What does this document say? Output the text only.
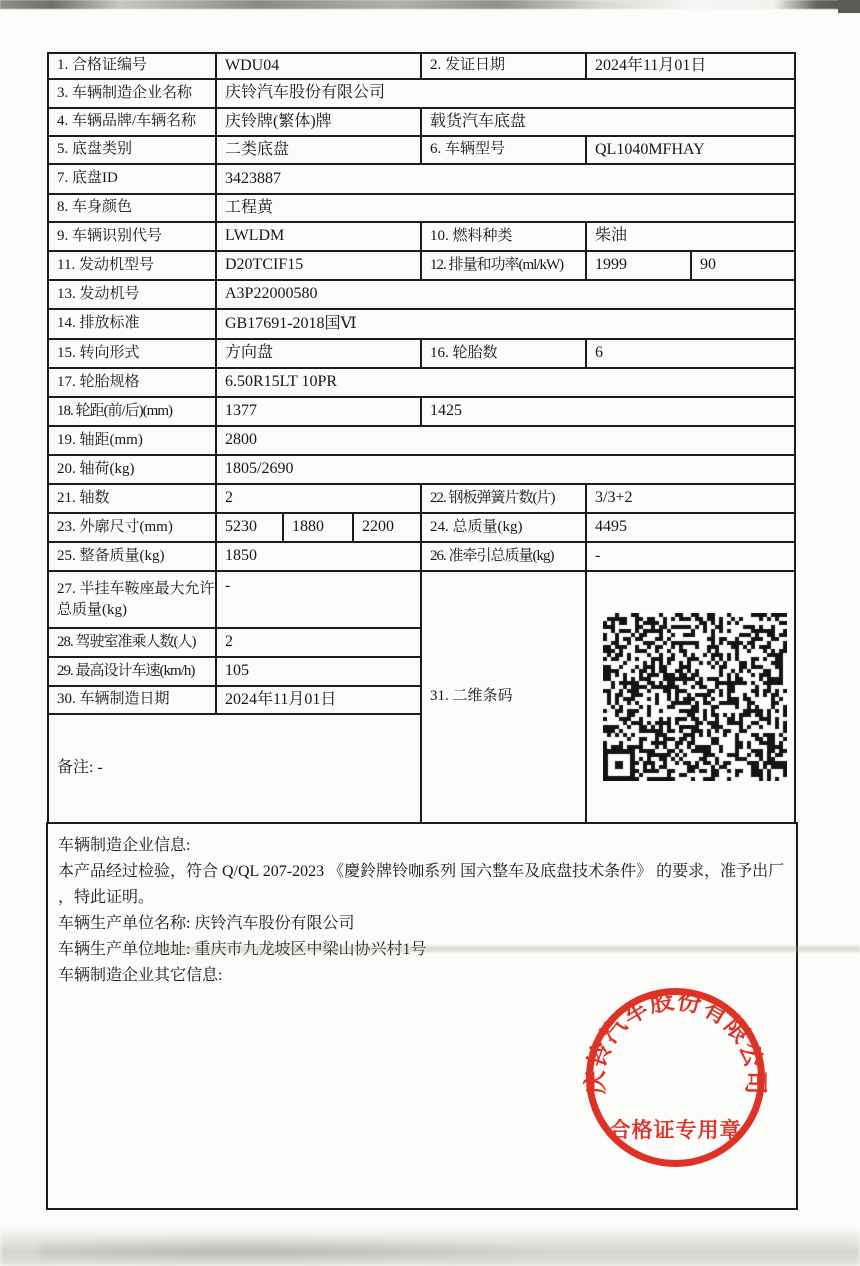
1. 合格证编号	WDU04			2. 发证日期	2024年11月01日	
3. 车辆制造企业名称	庆铃汽车股份有限公司					
4. 车辆品牌/车辆名称	庆铃牌(繁体)牌			载货汽车底盘		
5. 底盘类别	二类底盘			6. 车辆型号	QL1040MFHAY	
7. 底盘ID	3423887					
8. 车身颜色	工程黄					
9. 车辆识别代号	LWLDM			10. 燃料种类	柴油	
11. 发动机型号	D20TCIF15			12. 排量和功率(ml/kW)	1999	90
13. 发动机号	A3P22000580					
14. 排放标准	GB17691-2018国Ⅵ					
15. 转向形式	方向盘			16. 轮胎数	6	
17. 轮胎规格	6.50R15LT 10PR					
18. 轮距(前/后)(mm)	1377			1425		
19. 轴距(mm)	2800					
20. 轴荷(kg)	1805/2690					
21. 轴数	2			22. 钢板弹簧片数(片)	3/3+2	
23. 外廓尺寸(mm)	5230	1880	2200	24. 总质量(kg)	4495	
25. 整备质量(kg)	1850			26. 准牵引总质量(kg)	-	
27. 半挂车鞍座最大允许总质量(kg)	-			31. 二维条码	
28. 驾驶室准乘人数(人)	2					
29. 最高设计车速(km/h)	105					
30. 车辆制造日期	2024年11月01日					
备注: -						
车辆制造企业信息:
本产品经过检验，符合 Q/QL 207-2023 《慶鈴牌铃咖系列 国六整车及底盘技术条件》 的要求，准予出厂
，特此证明。
车辆生产单位名称: 庆铃汽车股份有限公司
车辆生产单位地址: 重庆市九龙坡区中梁山协兴村1号
车辆制造企业其它信息:
庆铃汽车股份有限公司
合格证专用章
